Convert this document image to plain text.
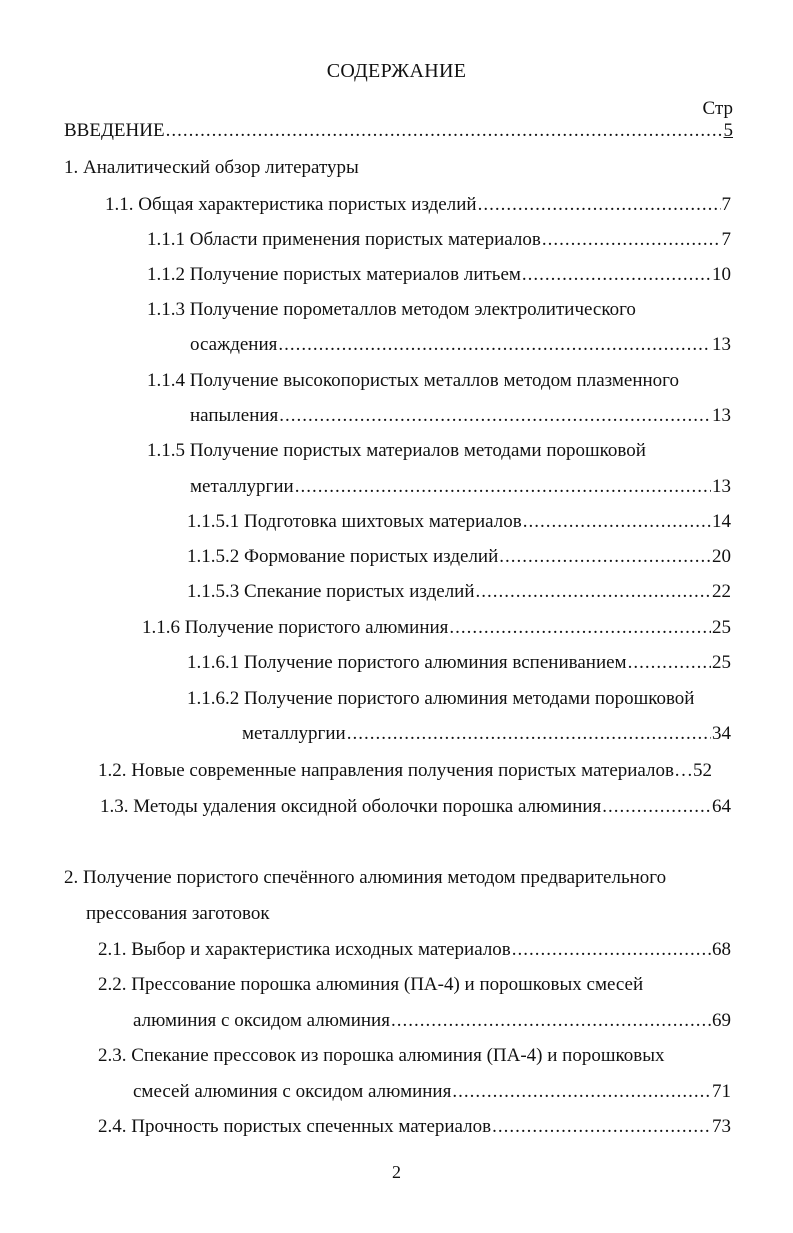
СОДЕРЖАНИЕ
Стр
ВВЕДЕНИЕ .....	5
1. Аналитический обзор литературы
1.1. Общая характеристика пористых изделий .....	7
1.1.1 Области применения пористых материалов .....	7
1.1.2 Получение пористых материалов литьем .....	10
1.1.3 Получение порометаллов методом электролитического
осаждения .....	13
1.1.4 Получение высокопористых металлов методом плазменного
напыления .....	13
1.1.5 Получение пористых материалов методами порошковой
металлургии .....	13
1.1.5.1 Подготовка шихтовых материалов .....	14
1.1.5.2 Формование пористых изделий .....	20
1.1.5.3 Спекание пористых изделий .....	22
1.1.6 Получение пористого алюминия .....	25
1.1.6.1 Получение пористого алюминия вспениванием .....	25
1.1.6.2 Получение пористого алюминия методами порошковой
металлургии .....	34
1.2. Новые современные направления получения пористых материалов… 52
1.3. Методы удаления оксидной оболочки порошка алюминия .....	64
2. Получение пористого спечённого алюминия методом предварительного
прессования заготовок
2.1. Выбор и характеристика исходных материалов .....	68
2.2. Прессование порошка алюминия (ПА-4) и порошковых смесей
алюминия с оксидом алюминия .....	69
2.3. Спекание прессовок из порошка алюминия (ПА-4) и порошковых
смесей алюминия с оксидом алюминия .....	71
2.4. Прочность пористых спеченных материалов .....	73
2
